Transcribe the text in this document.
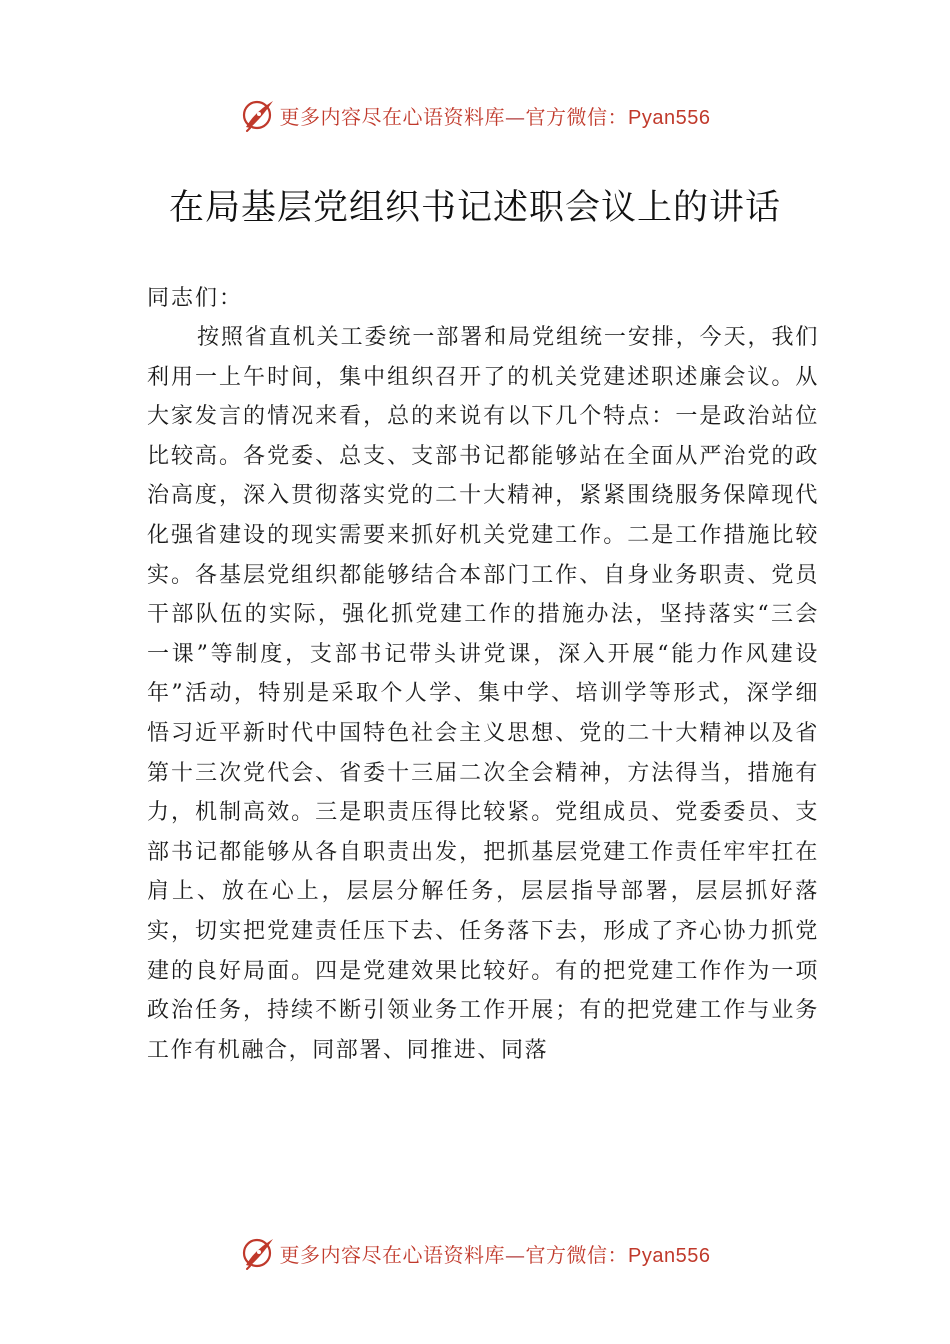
更多内容尽在心语资料库—官方微信：Pyan556
在局基层党组织书记述职会议上的讲话

同志们：

按照省直机关工委统一部署和局党组统一安排，今天，我们利用一上午时间，集中组织召开了的机关党建述职述廉会议。从大家发言的情况来看，总的来说有以下几个特点：一是政治站位比较高。各党委、总支、支部书记都能够站在全面从严治党的政治高度，深入贯彻落实党的二十大精神，紧紧围绕服务保障现代化强省建设的现实需要来抓好机关党建工作。二是工作措施比较实。各基层党组织都能够结合本部门工作、自身业务职责、党员干部队伍的实际，强化抓党建工作的措施办法，坚持落实“三会一课”等制度，支部书记带头讲党课，深入开展“能力作风建设年”活动，特别是采取个人学、集中学、培训学等形式，深学细悟习近平新时代中国特色社会主义思想、党的二十大精神以及省第十三次党代会、省委十三届二次全会精神，方法得当，措施有力，机制高效。三是职责压得比较紧。党组成员、党委委员、支部书记都能够从各自职责出发，把抓基层党建工作责任牢牢扛在肩上、放在心上，层层分解任务，层层指导部署，层层抓好落实，切实把党建责任压下去、任务落下去，形成了齐心协力抓党建的良好局面。四是党建效果比较好。有的把党建工作作为一项政治任务，持续不断引领业务工作开展；有的把党建工作与业务工作有机融合，同部署、同推进、同落

更多内容尽在心语资料库—官方微信：Pyan556
